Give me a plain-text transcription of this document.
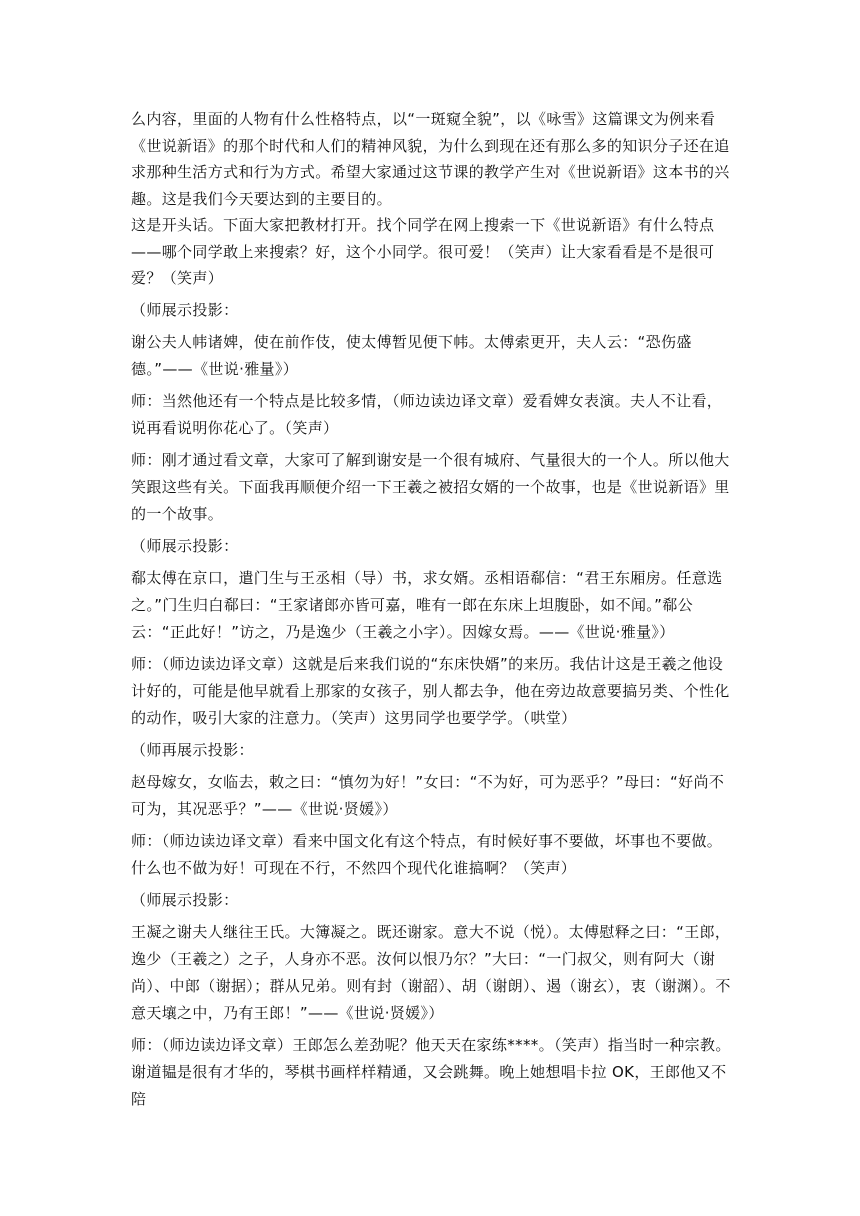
么内容，里面的人物有什么性格特点，以“一斑窥全貌”，以《咏雪》这篇课文为例来看《世说新语》的那个时代和人们的精神风貌，为什么到现在还有那么多的知识分子还在追求那种生活方式和行为方式。希望大家通过这节课的教学产生对《世说新语》这本书的兴趣。这是我们今天要达到的主要目的。

这是开头话。下面大家把教材打开。找个同学在网上搜索一下《世说新语》有什么特点——哪个同学敢上来搜索？好，这个小同学。很可爱！（笑声）让大家看看是不是很可爱？（笑声）

（师展示投影：

谢公夫人帏诸婢，使在前作伎，使太傅暂见便下帏。太傅索更开，夫人云：“恐伤盛德。”——《世说·雅量》）

师：当然他还有一个特点是比较多情，（师边读边译文章）爱看婢女表演。夫人不让看，说再看说明你花心了。（笑声）

师：刚才通过看文章，大家可了解到谢安是一个很有城府、气量很大的一个人。所以他大笑跟这些有关。下面我再顺便介绍一下王羲之被招女婿的一个故事，也是《世说新语》里的一个故事。

（师展示投影：

郗太傅在京口，遣门生与王丞相（导）书，求女婿。丞相语郗信：“君王东厢房。任意选之。”门生归白郗曰：“王家诸郎亦皆可嘉，唯有一郎在东床上坦腹卧，如不闻。”郗公云：“正此好！”访之，乃是逸少（王羲之小字）。因嫁女焉。——《世说·雅量》）

师：（师边读边译文章）这就是后来我们说的“东床快婿”的来历。我估计这是王羲之他设计好的，可能是他早就看上那家的女孩子，别人都去争，他在旁边故意要搞另类、个性化的动作，吸引大家的注意力。（笑声）这男同学也要学学。（哄堂）

（师再展示投影：

赵母嫁女，女临去，敕之曰：“慎勿为好！”女曰：“不为好，可为恶乎？”母曰：“好尚不可为，其况恶乎？”——《世说·贤媛》）

师：（师边读边译文章）看来中国文化有这个特点，有时候好事不要做，坏事也不要做。什么也不做为好！可现在不行，不然四个现代化谁搞啊？（笑声）

（师展示投影：

王凝之谢夫人继往王氏。大簿凝之。既还谢家。意大不说（悦）。太傅慰释之曰：“王郎，逸少（王羲之）之子，人身亦不恶。汝何以恨乃尔？”大曰：“一门叔父，则有阿大（谢尚）、中郎（谢据）；群从兄弟。则有封（谢韶）、胡（谢朗）、遏（谢玄），衷（谢渊）。不意天壤之中，乃有王郎！”——《世说·贤媛》）

师：（师边读边译文章）王郎怎么差劲呢？他天天在家练****。（笑声）指当时一种宗教。谢道韫是很有才华的，琴棋书画样样精通，又会跳舞。晚上她想唱卡拉 OK，王郎他又不陪
